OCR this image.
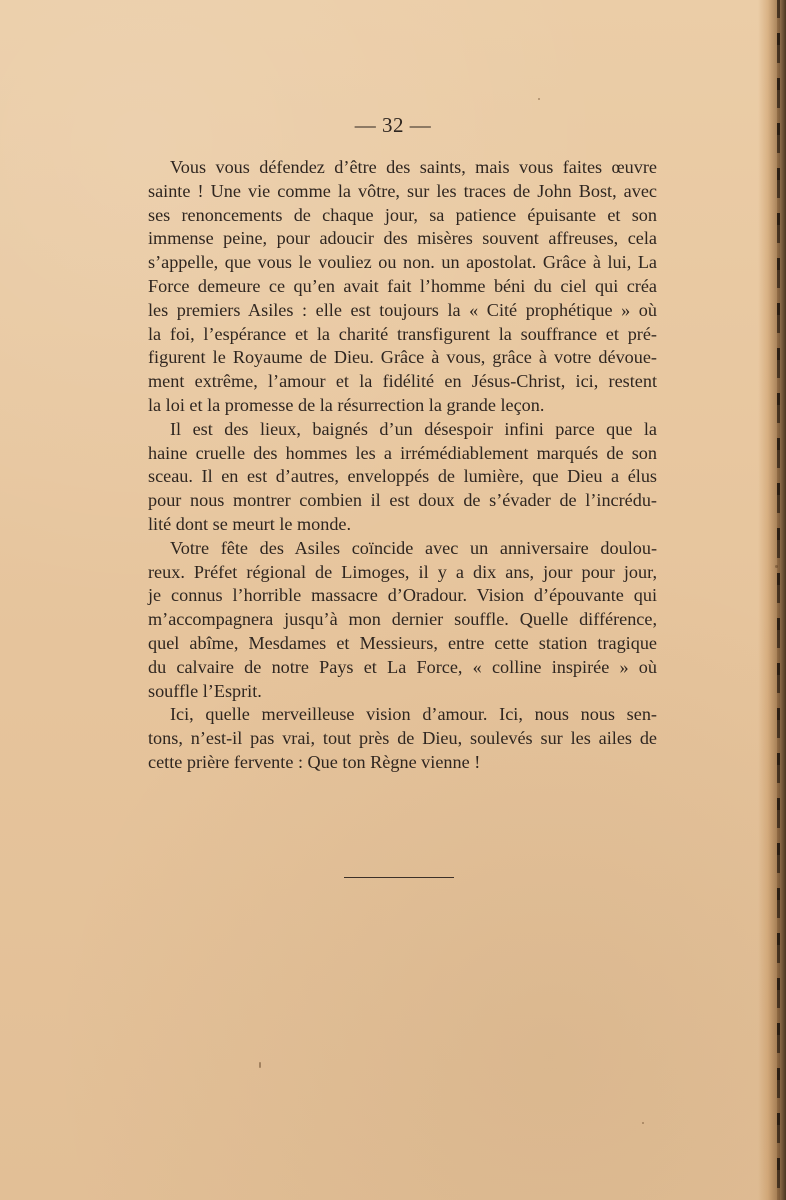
— 32 —
Vous vous défendez d’être des saints, mais vous faites œuvre
sainte ! Une vie comme la vôtre, sur les traces de John Bost, avec
ses renoncements de chaque jour, sa patience épuisante et son
immense peine, pour adoucir des misères souvent affreuses, cela
s’appelle, que vous le vouliez ou non. un apostolat. Grâce à lui, La
Force demeure ce qu’en avait fait l’homme béni du ciel qui créa
les premiers Asiles : elle est toujours la « Cité prophétique » où
la foi, l’espérance et la charité transfigurent la souffrance et pré-
figurent le Royaume de Dieu. Grâce à vous, grâce à votre dévoue-
ment extrême, l’amour et la fidélité en Jésus-Christ, ici, restent
la loi et la promesse de la résurrection la grande leçon.
Il est des lieux, baignés d’un désespoir infini parce que la
haine cruelle des hommes les a irrémédiablement marqués de son
sceau. Il en est d’autres, enveloppés de lumière, que Dieu a élus
pour nous montrer combien il est doux de s’évader de l’incrédu-
lité dont se meurt le monde.
Votre fête des Asiles coïncide avec un anniversaire doulou-
reux. Préfet régional de Limoges, il y a dix ans, jour pour jour,
je connus l’horrible massacre d’Oradour. Vision d’épouvante qui
m’accompagnera jusqu’à mon dernier souffle. Quelle différence,
quel abîme, Mesdames et Messieurs, entre cette station tragique
du calvaire de notre Pays et La Force, « colline inspirée » où
souffle l’Esprit.
Ici, quelle merveilleuse vision d’amour. Ici, nous nous sen-
tons, n’est-il pas vrai, tout près de Dieu, soulevés sur les ailes de
cette prière fervente : Que ton Règne vienne !
